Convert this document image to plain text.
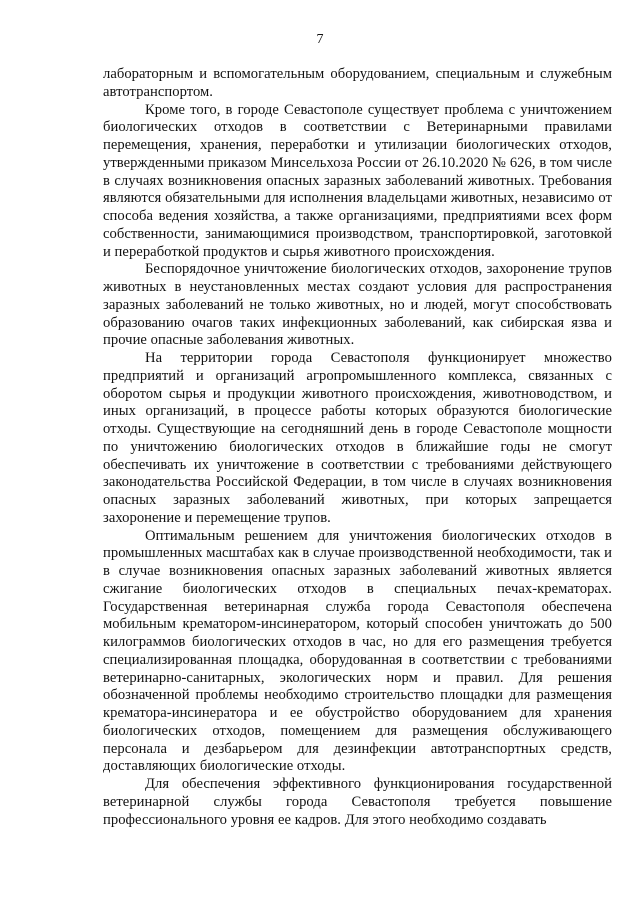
7

лабораторным и вспомогательным оборудованием, специальным и служебным автотранспортом.

Кроме того, в городе Севастополе существует проблема с уничтожением биологических отходов в соответствии с Ветеринарными правилами перемещения, хранения, переработки и утилизации биологических отходов, утвержденными приказом Минсельхоза России от 26.10.2020 № 626, в том числе в случаях возникновения опасных заразных заболеваний животных. Требования являются обязательными для исполнения владельцами животных, независимо от способа ведения хозяйства, а также организациями, предприятиями всех форм собственности, занимающимися производством, транспортировкой, заготовкой и переработкой продуктов и сырья животного происхождения.

Беспорядочное уничтожение биологических отходов, захоронение трупов животных в неустановленных местах создают условия для распространения заразных заболеваний не только животных, но и людей, могут способствовать образованию очагов таких инфекционных заболеваний, как сибирская язва и прочие опасные заболевания животных.

На территории города Севастополя функционирует множество предприятий и организаций агропромышленного комплекса, связанных с оборотом сырья и продукции животного происхождения, животноводством, и иных организаций, в процессе работы которых образуются биологические отходы. Существующие на сегодняшний день в городе Севастополе мощности по уничтожению биологических отходов в ближайшие годы не смогут обеспечивать их уничтожение в соответствии с требованиями действующего законодательства Российской Федерации, в том числе в случаях возникновения опасных заразных заболеваний животных, при которых запрещается захоронение и перемещение трупов.

Оптимальным решением для уничтожения биологических отходов в промышленных масштабах как в случае производственной необходимости, так и в случае возникновения опасных заразных заболеваний животных является сжигание биологических отходов в специальных печах-крематорах. Государственная ветеринарная служба города Севастополя обеспечена мобильным крематором-инсинератором, который способен уничтожать до 500 килограммов биологических отходов в час, но для его размещения требуется специализированная площадка, оборудованная в соответствии с требованиями ветеринарно-санитарных, экологических норм и правил. Для решения обозначенной проблемы необходимо строительство площадки для размещения крематора-инсинератора и ее обустройство оборудованием для хранения биологических отходов, помещением для размещения обслуживающего персонала и дезбарьером для дезинфекции автотранспортных средств, доставляющих биологические отходы.

Для обеспечения эффективного функционирования государственной ветеринарной службы города Севастополя требуется повышение профессионального уровня ее кадров. Для этого необходимо создавать
